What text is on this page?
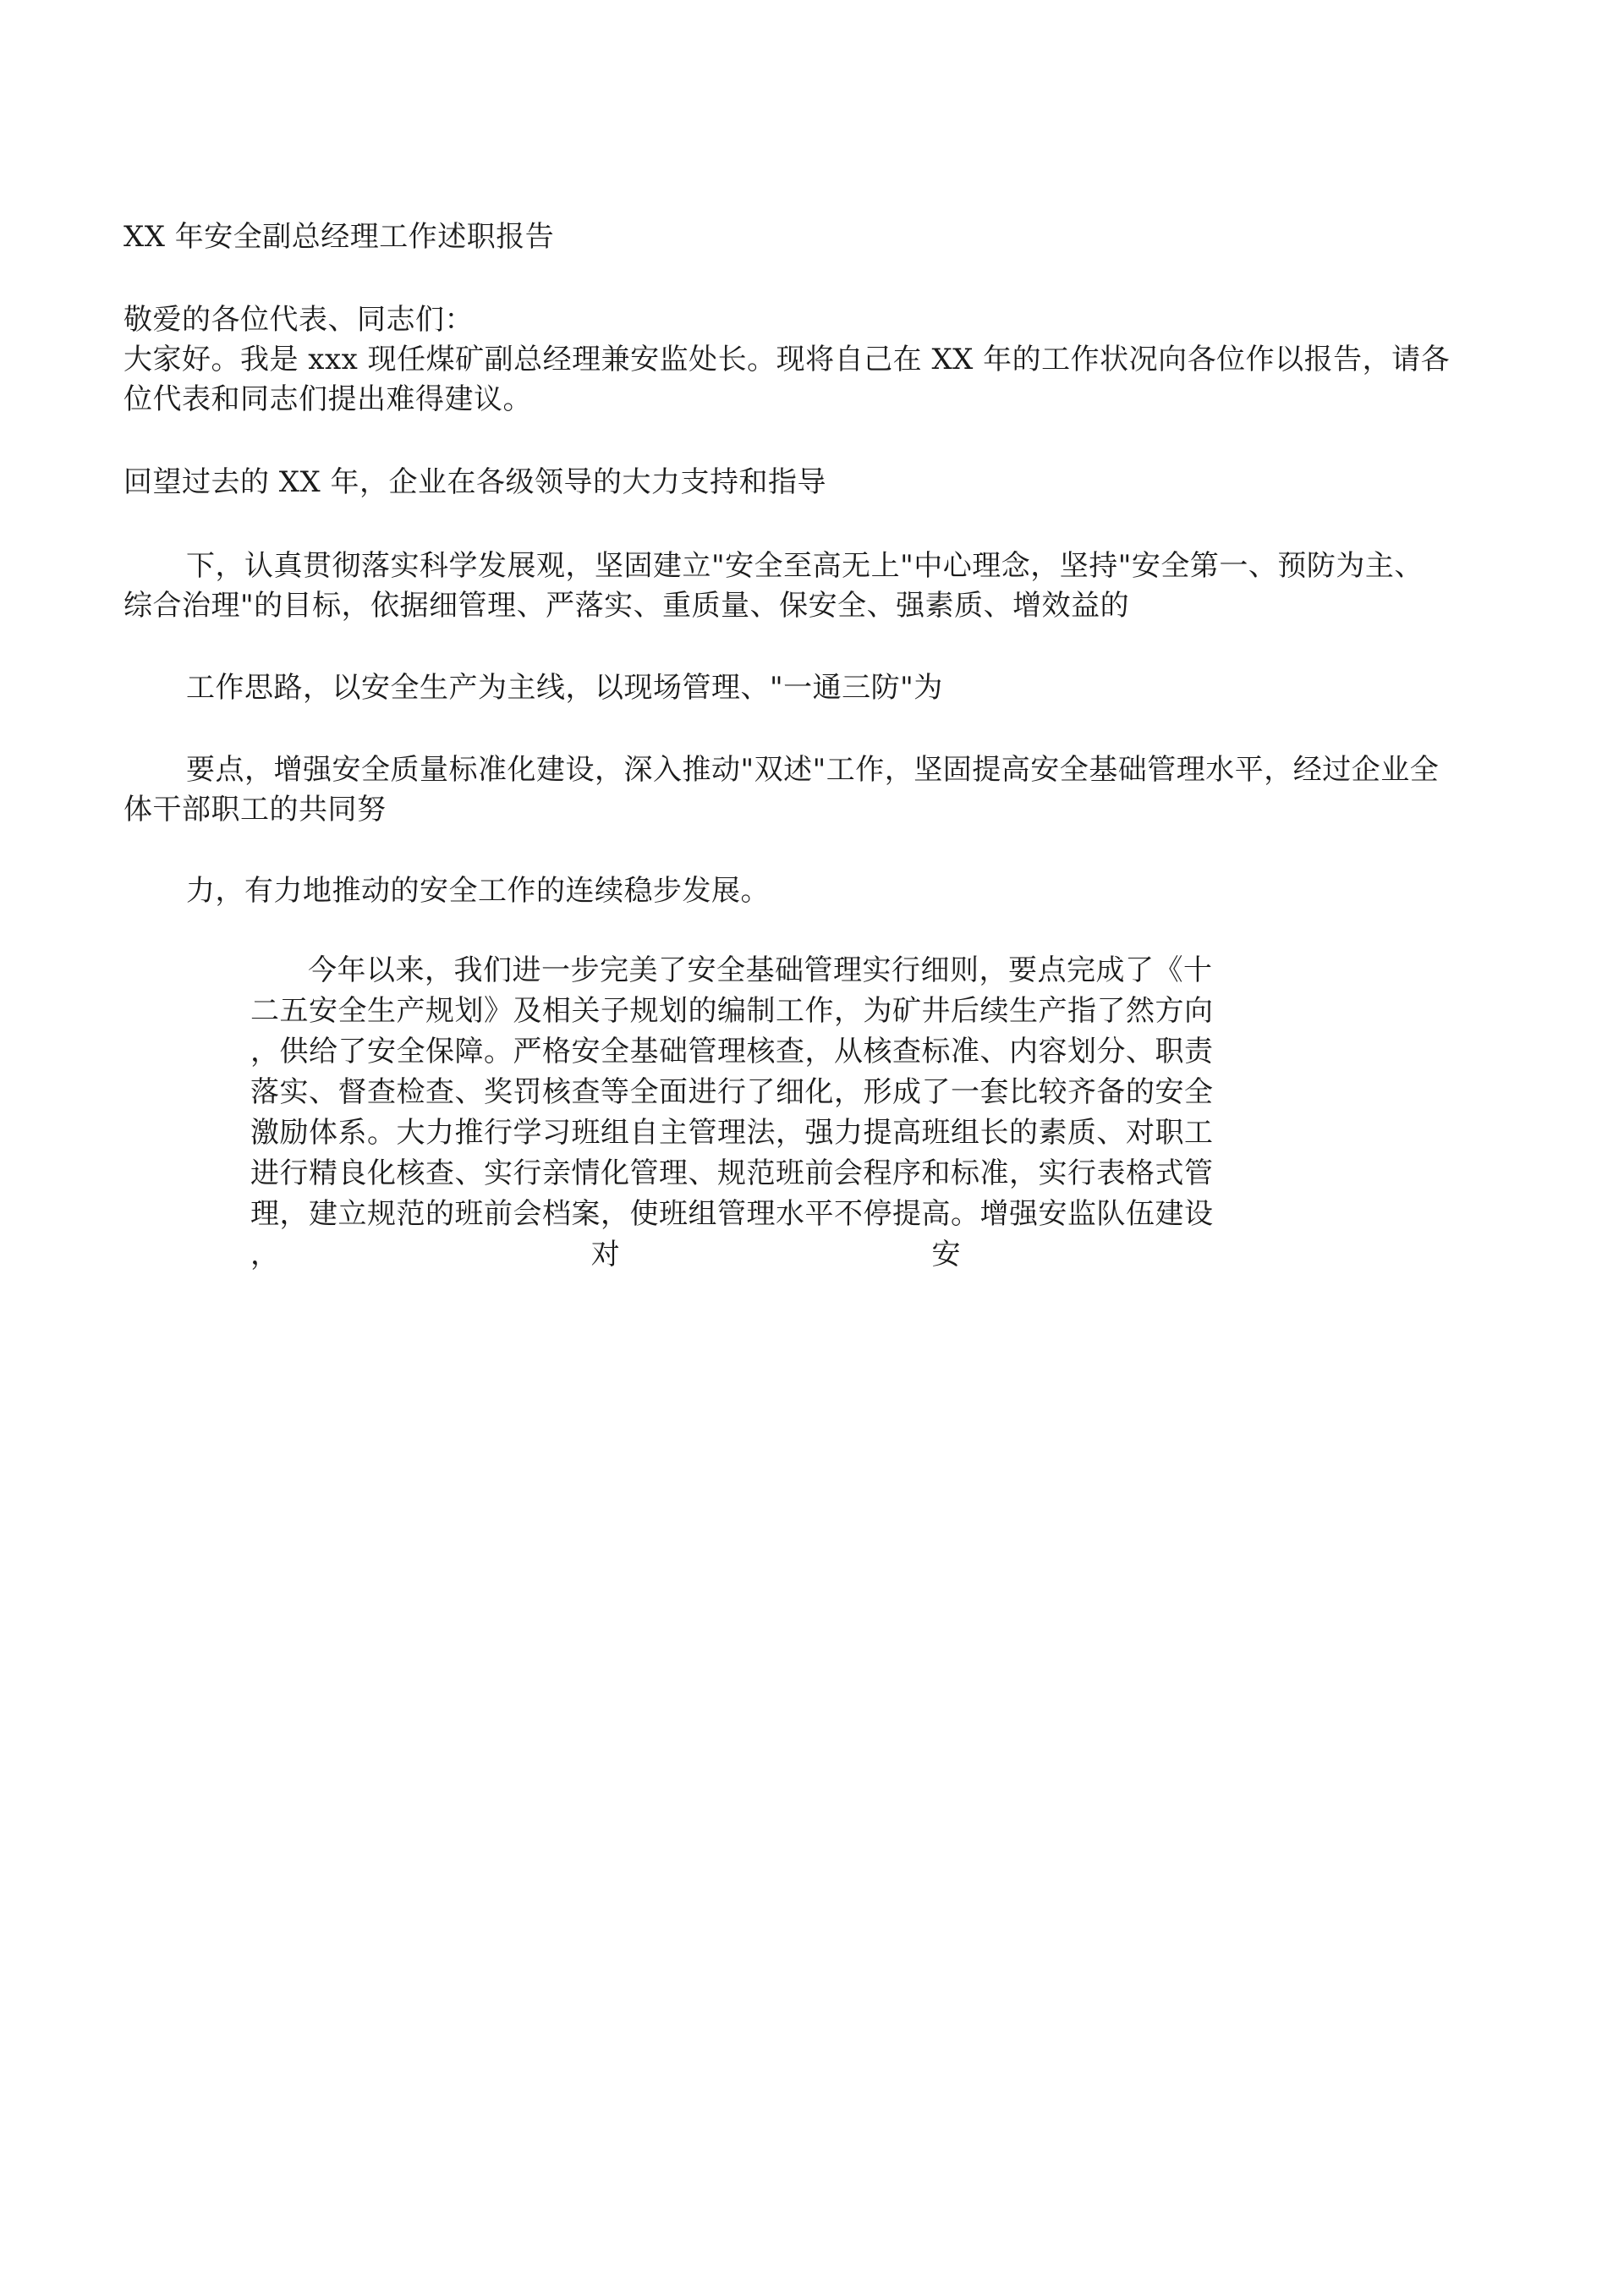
XX 年安全副总经理工作述职报告
敬爱的各位代表、同志们：
大家好。我是 xxx 现任煤矿副总经理兼安监处长。现将自己在 XX 年的工作状况向各位作以报告，请各
位代表和同志们提出难得建议。
回望过去的 XX 年，企业在各级领导的大力支持和指导
下，认真贯彻落实科学发展观，坚固建立"安全至高无上"中心理念，坚持"安全第一、预防为主、
综合治理"的目标，依据细管理、严落实、重质量、保安全、强素质、增效益的
工作思路，以安全生产为主线，以现场管理、"一通三防"为
要点，增强安全质量标准化建设，深入推动"双述"工作，坚固提高安全基础管理水平，经过企业全
体干部职工的共同努
力，有力地推动的安全工作的连续稳步发展。
今年以来，我们进一步完美了安全基础管理实行细则，要点完成了《十
二五安全生产规划》及相关子规划的编制工作，为矿井后续生产指了然方向
，供给了安全保障。严格安全基础管理核查，从核查标准、内容划分、职责
落实、督查检查、奖罚核查等全面进行了细化，形成了一套比较齐备的安全
激励体系。大力推行学习班组自主管理法，强力提高班组长的素质、对职工
进行精良化核查、实行亲情化管理、规范班前会程序和标准，实行表格式管
理，建立规范的班前会档案，使班组管理水平不停提高。增强安监队伍建设
，	对	安
